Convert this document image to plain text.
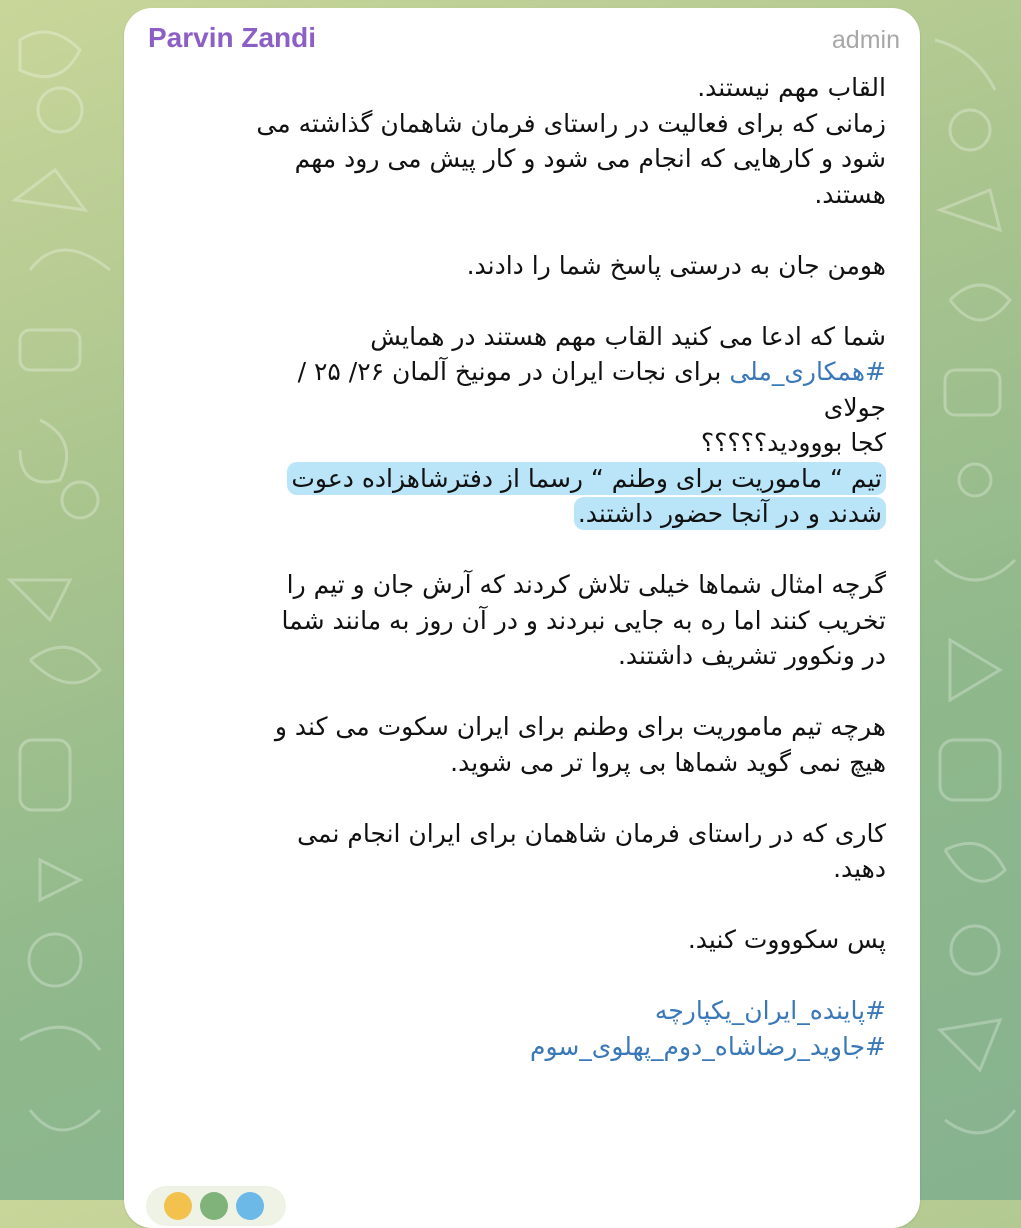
Parvin Zandi	admin

القاب مهم نیستند.

زمانی که برای فعالیت در راستای فرمان شاهمان گذاشته می

شود و کارهایی که انجام می شود و کار پیش می رود مهم

هستند.

هومن جان به درستی پاسخ شما را دادند.

شما که ادعا می کنید القاب مهم هستند در همایش

#همکاری_ملی برای نجات ایران در مونیخ آلمان ۲۶/ ۲۵ /

جولای

کجا بووودید؟؟؟؟؟

تیم “ ماموریت برای وطنم “ رسما از دفترشاهزاده دعوت

شدند و در آنجا حضور داشتند.

گرچه امثال شماها خیلی تلاش کردند که آرش جان و تیم را

تخریب کنند اما ره به جایی نبردند و در آن روز به مانند شما

در ونکوور تشریف داشتند.

هرچه تیم ماموریت برای وطنم برای ایران سکوت می کند و

هیچ نمی گوید شماها بی پروا تر می شوید.

کاری که در راستای فرمان شاهمان برای ایران انجام نمی

دهید.

پس سکوووت کنید.

#پاینده_ایران_یکپارچه

#جاوید_رضاشاه_دوم_پهلوی_سوم
